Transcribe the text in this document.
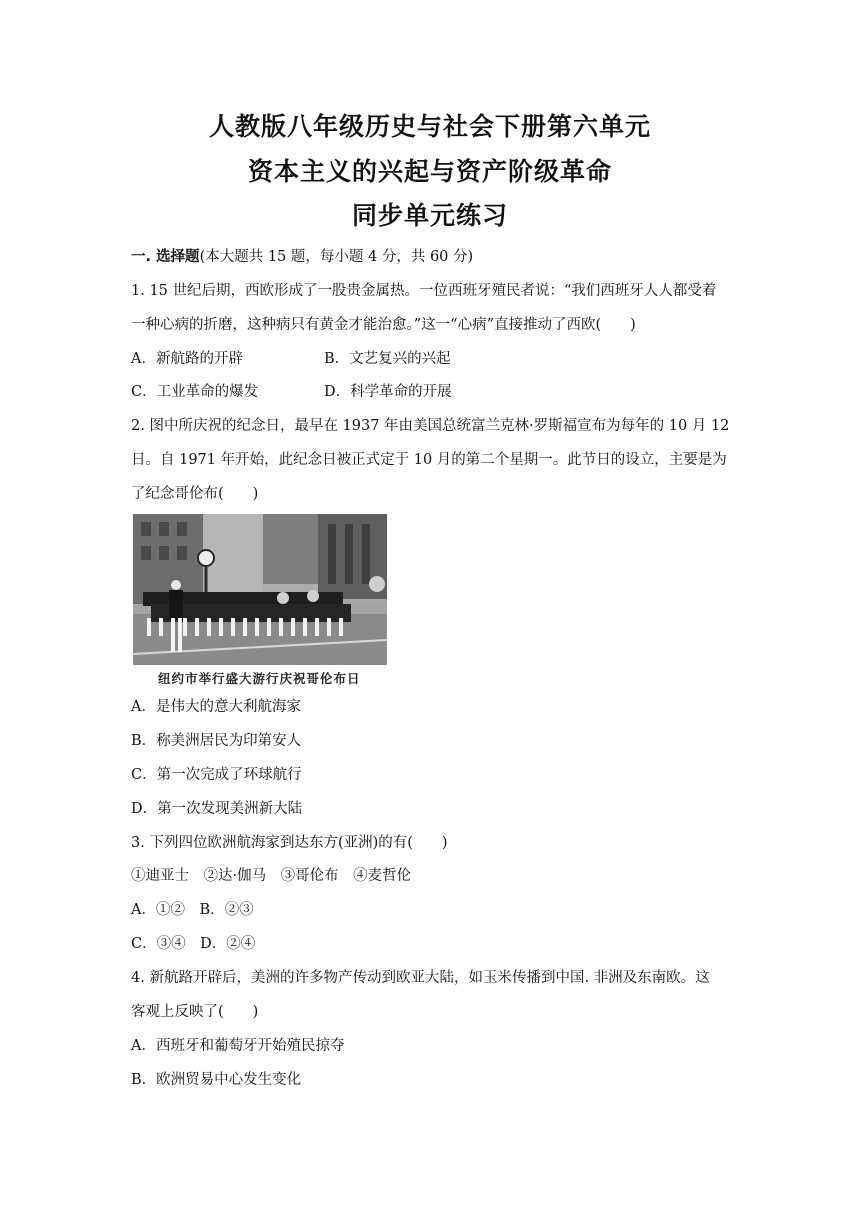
人教版八年级历史与社会下册第六单元
资本主义的兴起与资产阶级革命
同步单元练习
一. 选择题(本大题共 15 题，每小题 4 分，共 60 分)
1. 15 世纪后期，西欧形成了一股贵金属热。一位西班牙殖民者说：“我们西班牙人人都受着
一种心病的折磨，这种病只有黄金才能治愈。”这一“心病”直接推动了西欧(　　)
A．新航路的开辟	B．文艺复兴的兴起
C．工业革命的爆发	D．科学革命的开展
2. 图中所庆祝的纪念日，最早在 1937 年由美国总统富兰克林·罗斯福宣布为每年的 10 月 12
日。自 1971 年开始，此纪念日被正式定于 10 月的第二个星期一。此节日的设立，主要是为
了纪念哥伦布(　　)
纽约市举行盛大游行庆祝哥伦布日
A．是伟大的意大利航海家
B．称美洲居民为印第安人
C．第一次完成了环球航行
D．第一次发现美洲新大陆
3. 下列四位欧洲航海家到达东方(亚洲)的有(　　)
①迪亚士　②达·伽马　③哥伦布　④麦哲伦
A．①②　B．②③
C．③④　D．②④
4. 新航路开辟后，美洲的许多物产传动到欧亚大陆，如玉米传播到中国. 非洲及东南欧。这
客观上反映了(　　)
A．西班牙和葡萄牙开始殖民掠夺
B．欧洲贸易中心发生变化
